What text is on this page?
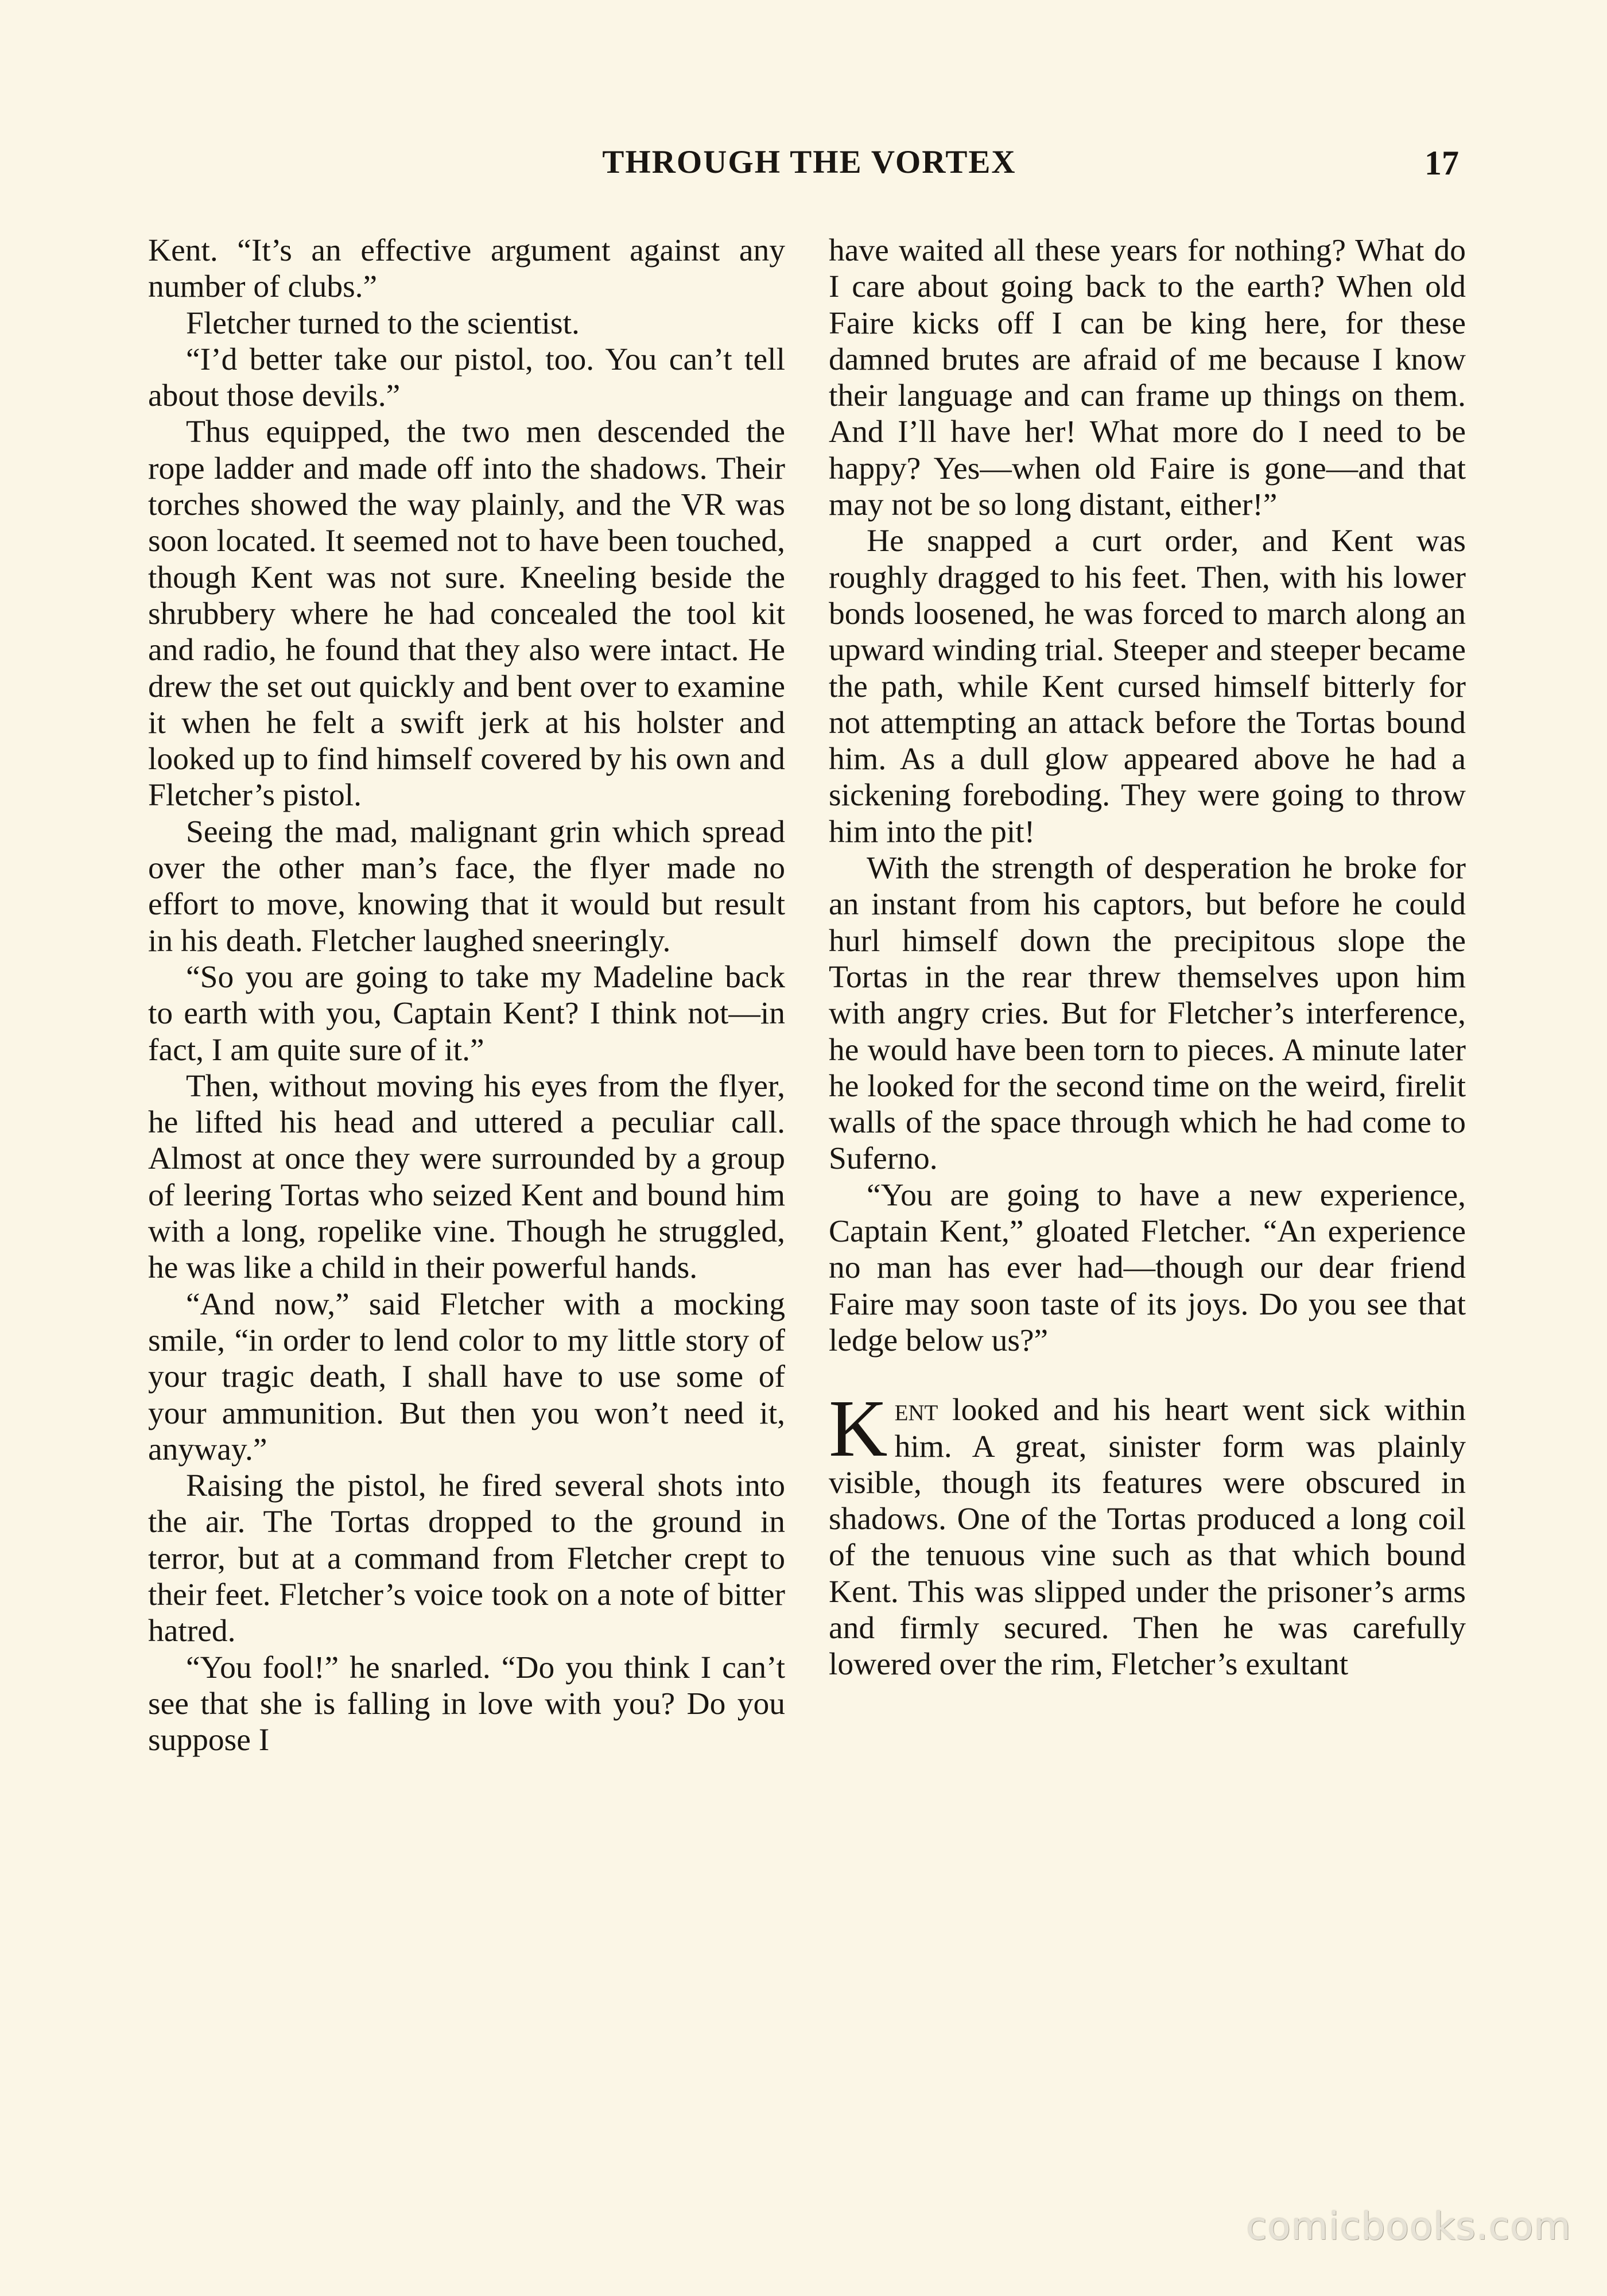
THROUGH THE VORTEX	17

Kent. “It’s an effective argument against any number of clubs.”

Fletcher turned to the scientist.

“I’d better take our pistol, too. You can’t tell about those devils.”

Thus equipped, the two men descended the rope ladder and made off into the shadows. Their torches showed the way plainly, and the VR was soon located. It seemed not to have been touched, though Kent was not sure. Kneeling beside the shrubbery where he had concealed the tool kit and radio, he found that they also were intact. He drew the set out quickly and bent over to examine it when he felt a swift jerk at his holster and looked up to find himself covered by his own and Fletcher’s pistol.

Seeing the mad, malignant grin which spread over the other man’s face, the flyer made no effort to move, knowing that it would but result in his death. Fletcher laughed sneeringly.

“So you are going to take my Madeline back to earth with you, Captain Kent? I think not—in fact, I am quite sure of it.”

Then, without moving his eyes from the flyer, he lifted his head and uttered a peculiar call. Almost at once they were surrounded by a group of leering Tortas who seized Kent and bound him with a long, ropelike vine. Though he struggled, he was like a child in their powerful hands.

“And now,” said Fletcher with a mocking smile, “in order to lend color to my little story of your tragic death, I shall have to use some of your ammunition. But then you won’t need it, anyway.”

Raising the pistol, he fired several shots into the air. The Tortas dropped to the ground in terror, but at a command from Fletcher crept to their feet. Fletcher’s voice took on a note of bitter hatred.

“You fool!” he snarled. “Do you think I can’t see that she is falling in love with you? Do you suppose I

have waited all these years for nothing? What do I care about going back to the earth? When old Faire kicks off I can be king here, for these damned brutes are afraid of me because I know their language and can frame up things on them. And I’ll have her! What more do I need to be happy? Yes—when old Faire is gone—and that may not be so long distant, either!”

He snapped a curt order, and Kent was roughly dragged to his feet. Then, with his lower bonds loosened, he was forced to march along an upward winding trial. Steeper and steeper became the path, while Kent cursed himself bitterly for not attempting an attack before the Tortas bound him. As a dull glow appeared above he had a sickening foreboding. They were going to throw him into the pit!

With the strength of desperation he broke for an instant from his captors, but before he could hurl himself down the precipitous slope the Tortas in the rear threw themselves upon him with angry cries. But for Fletcher’s interference, he would have been torn to pieces. A minute later he looked for the second time on the weird, firelit walls of the space through which he had come to Suferno.

“You are going to have a new experience, Captain Kent,” gloated Fletcher. “An experience no man has ever had—though our dear friend Faire may soon taste of its joys. Do you see that ledge below us?”

Kent looked and his heart went sick within him. A great, sinister form was plainly visible, though its features were obscured in shadows. One of the Tortas produced a long coil of the tenuous vine such as that which bound Kent. This was slipped under the prisoner’s arms and firmly secured. Then he was carefully lowered over the rim, Fletcher’s exultant

comicbooks.com
